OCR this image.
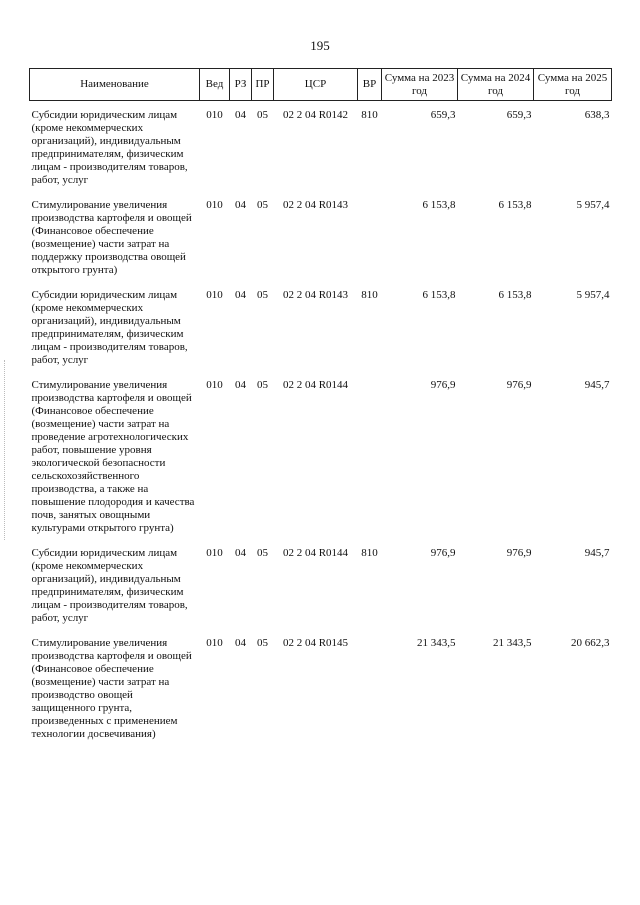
195
Наименование	Вед	РЗ	ПР	ЦСР	ВР	Сумма на 2023 год	Сумма на 2024 год	Сумма на 2025 год
Субсидии юридическим лицам (кроме некоммерческих организаций), индивидуальным предпринимателям, физическим лицам - производителям товаров, работ, услуг	010	04	05	02 2 04 R0142	810	659,3	659,3	638,3
Стимулирование увеличения производства картофеля и овощей (Финансовое обеспечение (возмещение) части затрат на поддержку производства овощей открытого грунта)	010	04	05	02 2 04 R0143		6 153,8	6 153,8	5 957,4
Субсидии юридическим лицам (кроме некоммерческих организаций), индивидуальным предпринимателям, физическим лицам - производителям товаров, работ, услуг	010	04	05	02 2 04 R0143	810	6 153,8	6 153,8	5 957,4
Стимулирование увеличения производства картофеля и овощей (Финансовое обеспечение (возмещение) части затрат на проведение агротехнологических работ, повышение уровня экологической безопасности сельскохозяйственного производства, а также на повышение плодородия и качества почв, занятых овощными культурами открытого грунта)	010	04	05	02 2 04 R0144		976,9	976,9	945,7
Субсидии юридическим лицам (кроме некоммерческих организаций), индивидуальным предпринимателям, физическим лицам - производителям товаров, работ, услуг	010	04	05	02 2 04 R0144	810	976,9	976,9	945,7
Стимулирование увеличения производства картофеля и овощей (Финансовое обеспечение (возмещение) части затрат на производство овощей защищенного грунта, произведенных с применением технологии досвечивания)	010	04	05	02 2 04 R0145		21 343,5	21 343,5	20 662,3
